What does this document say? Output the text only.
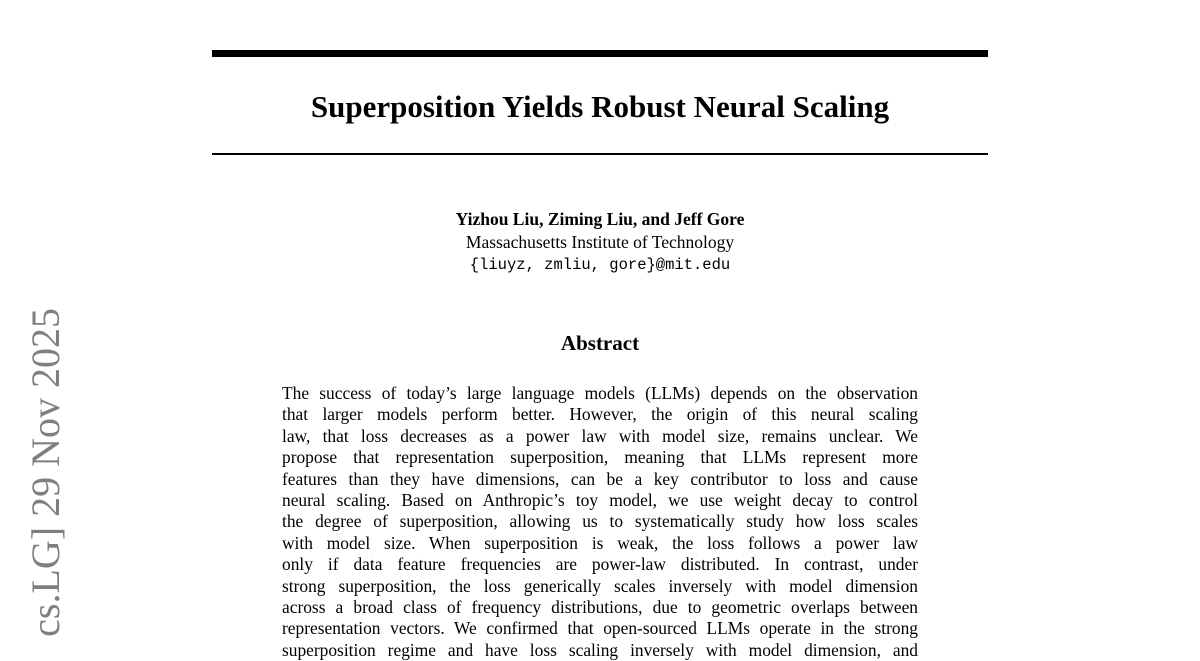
Superposition Yields Robust Neural Scaling
Yizhou Liu, Ziming Liu, and Jeff Gore
Massachusetts Institute of Technology
{liuyz, zmliu, gore}@mit.edu
Abstract
The success of today’s large language models (LLMs) depends on the observation
that larger models perform better. However, the origin of this neural scaling
law, that loss decreases as a power law with model size, remains unclear. We
propose that representation superposition, meaning that LLMs represent more
features than they have dimensions, can be a key contributor to loss and cause
neural scaling. Based on Anthropic’s toy model, we use weight decay to control
the degree of superposition, allowing us to systematically study how loss scales
with model size. When superposition is weak, the loss follows a power law
only if data feature frequencies are power-law distributed. In contrast, under
strong superposition, the loss generically scales inversely with model dimension
across a broad class of frequency distributions, due to geometric overlaps between
representation vectors. We confirmed that open-sourced LLMs operate in the strong
superposition regime and have loss scaling inversely with model dimension, and
cs.LG] 29 Nov 2025
